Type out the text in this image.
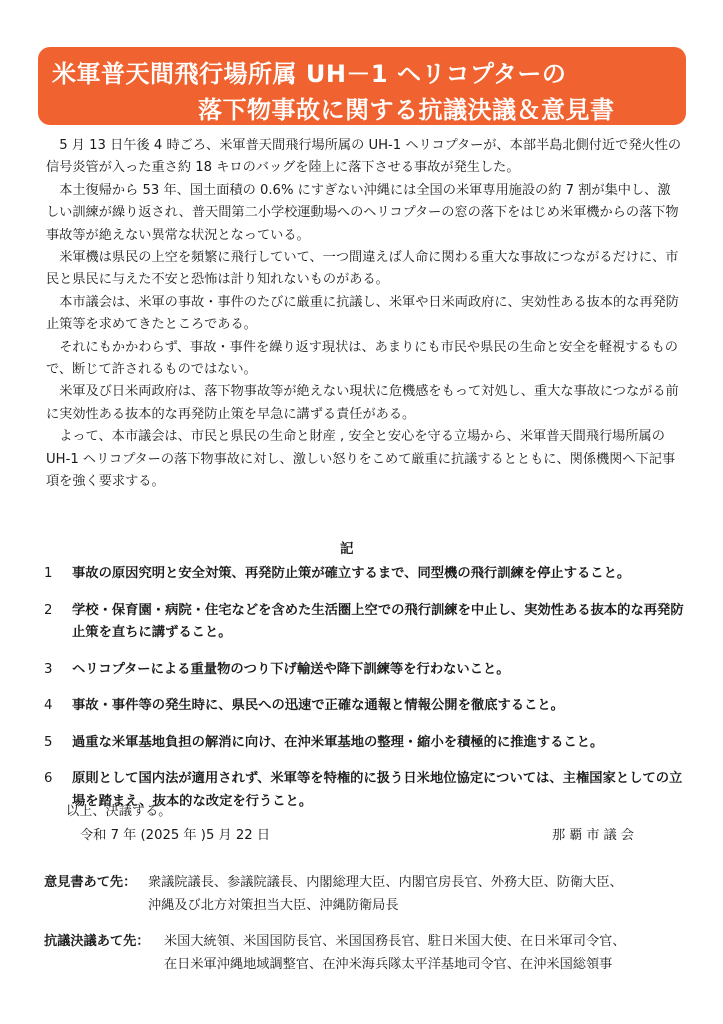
米軍普天間飛行場所属 UH－1 ヘリコプターの
落下物事故に関する抗議決議＆意見書

5 月 13 日午後 4 時ごろ、米軍普天間飛行場所属の UH-1 ヘリコプターが、本部半島北側付近で発火性の信号炎管が入った重さ約 18 キロのバッグを陸上に落下させる事故が発生した。

本土復帰から 53 年、国土面積の 0.6% にすぎない沖縄には全国の米軍専用施設の約 7 割が集中し、激しい訓練が繰り返され、普天間第二小学校運動場へのヘリコプターの窓の落下をはじめ米軍機からの落下物事故等が絶えない異常な状況となっている。

米軍機は県民の上空を頻繁に飛行していて、一つ間違えば人命に関わる重大な事故につながるだけに、市民と県民に与えた不安と恐怖は計り知れないものがある。

本市議会は、米軍の事故・事件のたびに厳重に抗議し、米軍や日米両政府に、実効性ある抜本的な再発防止策等を求めてきたところである。

それにもかかわらず、事故・事件を繰り返す現状は、あまりにも市民や県民の生命と安全を軽視するもので、断じて許されるものではない。

米軍及び日米両政府は、落下物事故等が絶えない現状に危機感をもって対処し、重大な事故につながる前に実効性ある抜本的な再発防止策を早急に講ずる責任がある。

よって、本市議会は、市民と県民の生命と財産 , 安全と安心を守る立場から、米軍普天間飛行場所属の UH-1 ヘリコプターの落下物事故に対し、激しい怒りをこめて厳重に抗議するとともに、関係機関へ下記事項を強く要求する。

記
1 事故の原因究明と安全対策、再発防止策が確立するまで、同型機の飛行訓練を停止すること。
2 学校・保育園・病院・住宅などを含めた生活圏上空での飛行訓練を中止し、実効性ある抜本的な再発防止策を直ちに講ずること。
3 ヘリコプターによる重量物のつり下げ輸送や降下訓練等を行わないこと。
4 事故・事件等の発生時に、県民への迅速で正確な通報と情報公開を徹底すること。
5 過重な米軍基地負担の解消に向け、在沖米軍基地の整理・縮小を積極的に推進すること。
6 原則として国内法が適用されず、米軍等を特権的に扱う日米地位協定については、主権国家としての立場を踏まえ、抜本的な改定を行うこと。
以上、決議する。
令和 7 年 (2025 年 )5 月 22 日	那覇市議会
意見書あて先： 衆議院議長、参議院議長、内閣総理大臣、内閣官房長官、外務大臣、防衛大臣、
沖縄及び北方対策担当大臣、沖縄防衛局長
抗議決議あて先： 米国大統領、米国国防長官、米国国務長官、駐日米国大使、在日米軍司令官、
在日米軍沖縄地域調整官、在沖米海兵隊太平洋基地司令官、在沖米国総領事
